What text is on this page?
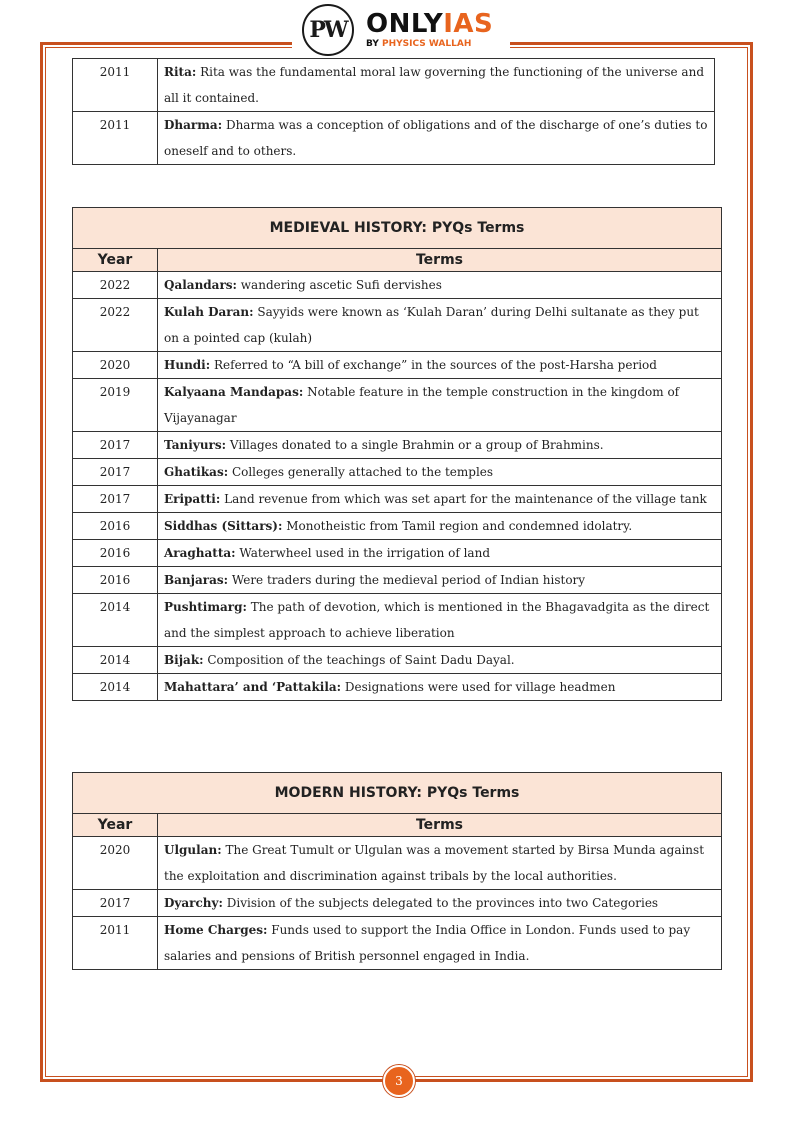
PW ONLYIAS
BY PHYSICS WALLAH
2011	Rita: Rita was the fundamental moral law governing the functioning of the universe and all it contained.
2011	Dharma: Dharma was a conception of obligations and of the discharge of one’s duties to oneself and to others.
MEDIEVAL HISTORY: PYQs Terms	
Year	Terms
2022	Qalandars: wandering ascetic Sufi dervishes
2022	Kulah Daran: Sayyids were known as ‘Kulah Daran’ during Delhi sultanate as they put on a pointed cap (kulah)
2020	Hundi: Referred to “A bill of exchange” in the sources of the post-Harsha period
2019	Kalyaana Mandapas: Notable feature in the temple construction in the kingdom of Vijayanagar
2017	Taniyurs: Villages donated to a single Brahmin or a group of Brahmins.
2017	Ghatikas: Colleges generally attached to the temples
2017	Eripatti: Land revenue from which was set apart for the maintenance of the village tank
2016	Siddhas (Sittars): Monotheistic from Tamil region and condemned idolatry.
2016	Araghatta: Waterwheel used in the irrigation of land
2016	Banjaras: Were traders during the medieval period of Indian history
2014	Pushtimarg: The path of devotion, which is mentioned in the Bhagavadgita as the direct and the simplest approach to achieve liberation
2014	Bijak: Composition of the teachings of Saint Dadu Dayal.
2014	Mahattara’ and ‘Pattakila: Designations were used for village headmen
MODERN HISTORY: PYQs Terms	
Year	Terms
2020	Ulgulan: The Great Tumult or Ulgulan was a movement started by Birsa Munda against the exploitation and discrimination against tribals by the local authorities.
2017	Dyarchy: Division of the subjects delegated to the provinces into two Categories
2011	Home Charges: Funds used to support the India Office in London. Funds used to pay salaries and pensions of British personnel engaged in India.
3
